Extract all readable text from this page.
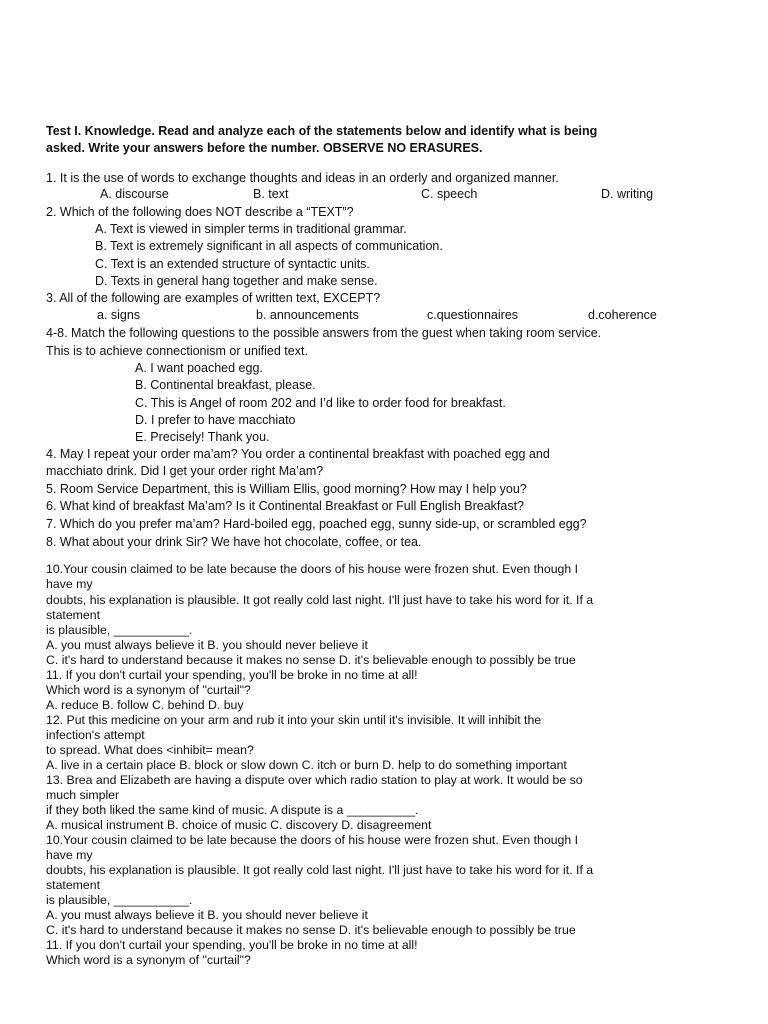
Test I. Knowledge. Read and analyze each of the statements below and identify what is being
asked. Write your answers before the number. OBSERVE NO ERASURES.
1. It is the use of words to exchange thoughts and ideas in an orderly and organized manner.
A. discourse	B. text	C. speech	D. writing
2. Which of the following does NOT describe a “TEXT”?
A. Text is viewed in simpler terms in traditional grammar.
B. Text is extremely significant in all aspects of communication.
C. Text is an extended structure of syntactic units.
D. Texts in general hang together and make sense.
3. All of the following are examples of written text, EXCEPT?
a. signs	b. announcements	c.questionnaires	d.coherence
4-8. Match the following questions to the possible answers from the guest when taking room service.
This is to achieve connectionism or unified text.
A. I want poached egg.
B. Continental breakfast, please.
C. This is Angel of room 202 and I’d like to order food for breakfast.
D. I prefer to have macchiato
E. Precisely! Thank you.
4. May I repeat your order ma’am? You order a continental breakfast with poached egg and
macchiato drink. Did I get your order right Ma’am?
5. Room Service Department, this is William Ellis, good morning? How may I help you?
6. What kind of breakfast Ma’am? Is it Continental Breakfast or Full English Breakfast?
7. Which do you prefer ma’am? Hard-boiled egg, poached egg, sunny side-up, or scrambled egg?
8. What about your drink Sir? We have hot chocolate, coffee, or tea.
10.Your cousin claimed to be late because the doors of his house were frozen shut. Even though I
have my
doubts, his explanation is plausible. It got really cold last night. I'll just have to take his word for it. If a
statement
is plausible, ___________.
A. you must always believe it B. you should never believe it
C. it's hard to understand because it makes no sense D. it's believable enough to possibly be true
11. If you don't curtail your spending, you'll be broke in no time at all!
Which word is a synonym of "curtail"?
A. reduce B. follow C. behind D. buy
12. Put this medicine on your arm and rub it into your skin until it's invisible. It will inhibit the
infection's attempt
to spread. What does <inhibit= mean?
A. live in a certain place B. block or slow down C. itch or burn D. help to do something important
13. Brea and Elizabeth are having a dispute over which radio station to play at work. It would be so
much simpler
if they both liked the same kind of music. A dispute is a __________.
A. musical instrument B. choice of music C. discovery D. disagreement
10.Your cousin claimed to be late because the doors of his house were frozen shut. Even though I
have my
doubts, his explanation is plausible. It got really cold last night. I'll just have to take his word for it. If a
statement
is plausible, ___________.
A. you must always believe it B. you should never believe it
C. it's hard to understand because it makes no sense D. it's believable enough to possibly be true
11. If you don't curtail your spending, you'll be broke in no time at all!
Which word is a synonym of "curtail"?
